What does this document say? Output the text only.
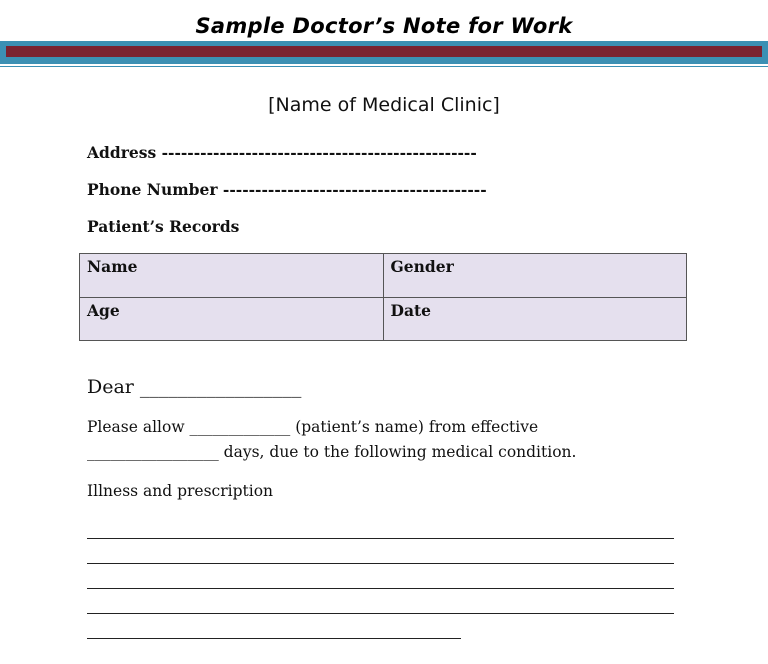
Sample Doctor’s Note for Work
[Name of Medical Clinic]
Address -------------------------------------------------
Phone Number -----------------------------------------
Patient’s Records
Name	Gender
Age	Date
Dear _________________
Please allow _____________ (patient’s name) from effective
_________________ days, due to the following medical condition.
Illness and prescription
